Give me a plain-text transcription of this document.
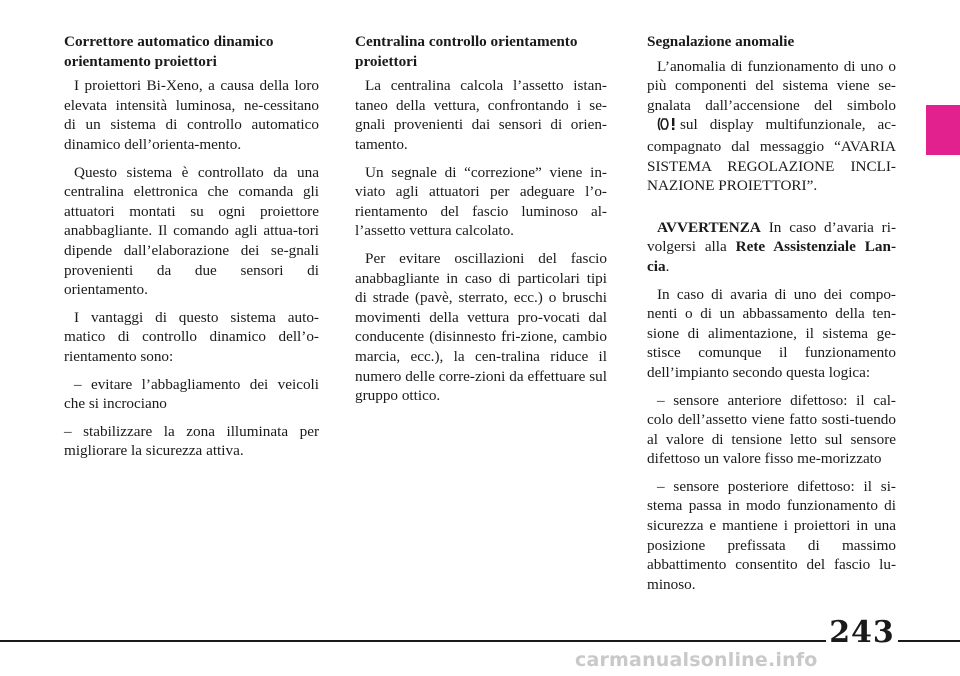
Correttore automatico dinamico orientamento proiettori

I proiettori Bi-Xeno, a causa della loro elevata intensità luminosa, ne-cessitano di un sistema di controllo automatico dinamico dell’orienta-mento.

Questo sistema è controllato da una centralina elettronica che comanda gli attuatori montati su ogni proiettore anabbagliante. Il comando agli attua-tori dipende dall’elaborazione dei se-gnali provenienti da due sensori di orientamento.

I vantaggi di questo sistema auto-matico di controllo dinamico dell’o-rientamento sono:

– evitare l’abbagliamento dei veicoli che si incrociano

– stabilizzare la zona illuminata per migliorare la sicurezza attiva.

Centralina controllo orientamento proiettori

La centralina calcola l’assetto istan-taneo della vettura, confrontando i se-gnali provenienti dai sensori di orien-tamento.

Un segnale di “correzione” viene in-viato agli attuatori per adeguare l’o-rientamento del fascio luminoso al-l’assetto vettura calcolato.

Per evitare oscillazioni del fascio anabbagliante in caso di particolari tipi di strade (pavè, sterrato, ecc.) o bruschi movimenti della vettura pro-vocati dal conducente (disinnesto fri-zione, cambio marcia, ecc.), la cen-tralina riduce il numero delle corre-zioni da effettuare sul gruppo ottico.

Segnalazione anomalie

L’anomalia di funzionamento di uno o più componenti del sistema viene se-gnalata dall’accensione del simbolo sul display multifunzionale, ac-compagnato dal messaggio “AVARIA SISTEMA REGOLAZIONE INCLI-NAZIONE PROIETTORI”.

AVVERTENZA In caso d’avaria ri-volgersi alla Rete Assistenziale Lan-cia.

In caso di avaria di uno dei compo-nenti o di un abbassamento della ten-sione di alimentazione, il sistema ge-stisce comunque il funzionamento dell’impianto secondo questa logica:

– sensore anteriore difettoso: il cal-colo dell’assetto viene fatto sosti-tuendo al valore di tensione letto sul sensore difettoso un valore fisso me-morizzato

– sensore posteriore difettoso: il si-stema passa in modo funzionamento di sicurezza e mantiene i proiettori in una posizione prefissata di massimo abbattimento consentito del fascio lu-minoso.

243
carmanualsonline.info
